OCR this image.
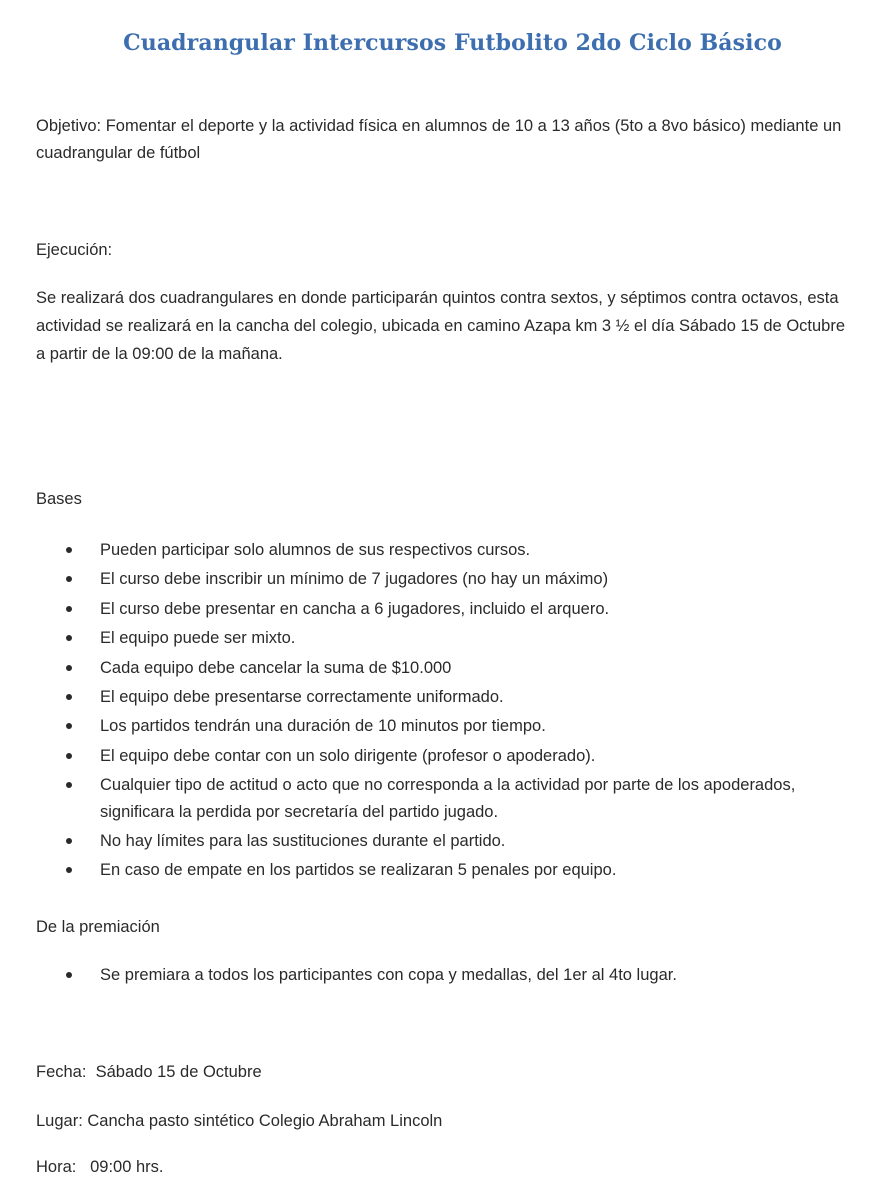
Cuadrangular Intercursos Futbolito 2do Ciclo Básico
Objetivo: Fomentar el deporte y la actividad física en alumnos de 10 a 13 años (5to a 8vo básico) mediante un cuadrangular de fútbol
Ejecución:
Se realizará dos cuadrangulares en donde participarán quintos contra sextos, y séptimos contra octavos, esta actividad se realizará en la cancha del colegio, ubicada en camino Azapa km 3 ½ el día Sábado 15 de Octubre a partir de la 09:00 de la mañana.
Bases
Pueden participar solo alumnos de sus respectivos cursos.
El curso debe inscribir un mínimo de 7 jugadores (no hay un máximo)
El curso debe presentar en cancha a 6 jugadores, incluido el arquero.
El equipo puede ser mixto.
Cada equipo debe cancelar la suma de $10.000
El equipo debe presentarse correctamente uniformado.
Los partidos tendrán una duración de 10 minutos por tiempo.
El equipo debe contar con un solo dirigente (profesor o apoderado).
Cualquier tipo de actitud o acto que no corresponda a la actividad por parte de los apoderados, significara la perdida por secretaría del partido jugado.
No hay límites para las sustituciones durante el partido.
En caso de empate en los partidos se realizaran 5 penales por equipo.
De la premiación
Se premiara a todos los participantes con copa y medallas, del 1er al 4to lugar.
Fecha:  Sábado 15 de Octubre
Lugar: Cancha pasto sintético Colegio Abraham Lincoln
Hora:   09:00 hrs.
